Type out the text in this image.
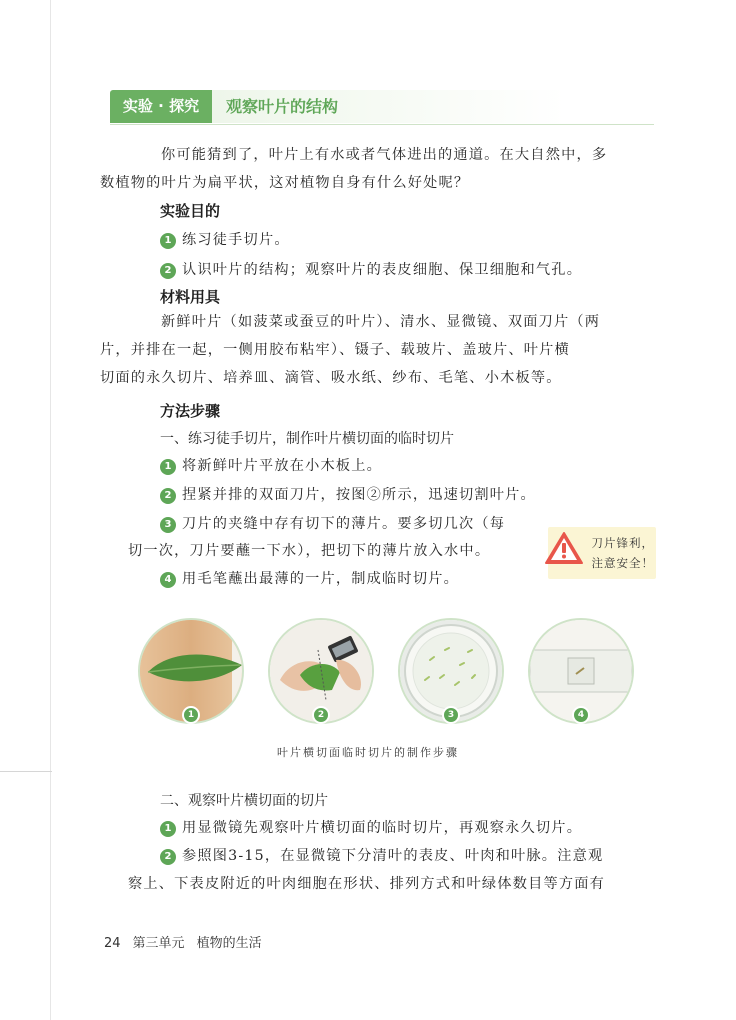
实验 · 探究	观察叶片的结构

你可能猜到了，叶片上有水或者气体进出的通道。在大自然中，多

数植物的叶片为扁平状，这对植物自身有什么好处呢？

实验目的
1 练习徒手切片。
2 认识叶片的结构；观察叶片的表皮细胞、保卫细胞和气孔。
材料用具

新鲜叶片（如菠菜或蚕豆的叶片）、清水、显微镜、双面刀片（两

片，并排在一起，一侧用胶布粘牢）、镊子、载玻片、盖玻片、叶片横

切面的永久切片、培养皿、滴管、吸水纸、纱布、毛笔、小木板等。

方法步骤
一、练习徒手切片，制作叶片横切面的临时切片
1 将新鲜叶片平放在小木板上。
2 捏紧并排的双面刀片，按图②所示，迅速切割叶片。
3 刀片的夹缝中存有切下的薄片。要多切几次（每
切一次，刀片要蘸一下水），把切下的薄片放入水中。
4 用毛笔蘸出最薄的一片，制成临时切片。
刀片锋利，
注意安全！
1	2	3	4
叶片横切面临时切片的制作步骤
二、观察叶片横切面的切片
1 用显微镜先观察叶片横切面的临时切片，再观察永久切片。
2 参照图3-15，在显微镜下分清叶的表皮、叶肉和叶脉。注意观
察上、下表皮附近的叶肉细胞在形状、排列方式和叶绿体数目等方面有
24 第三单元 植物的生活
